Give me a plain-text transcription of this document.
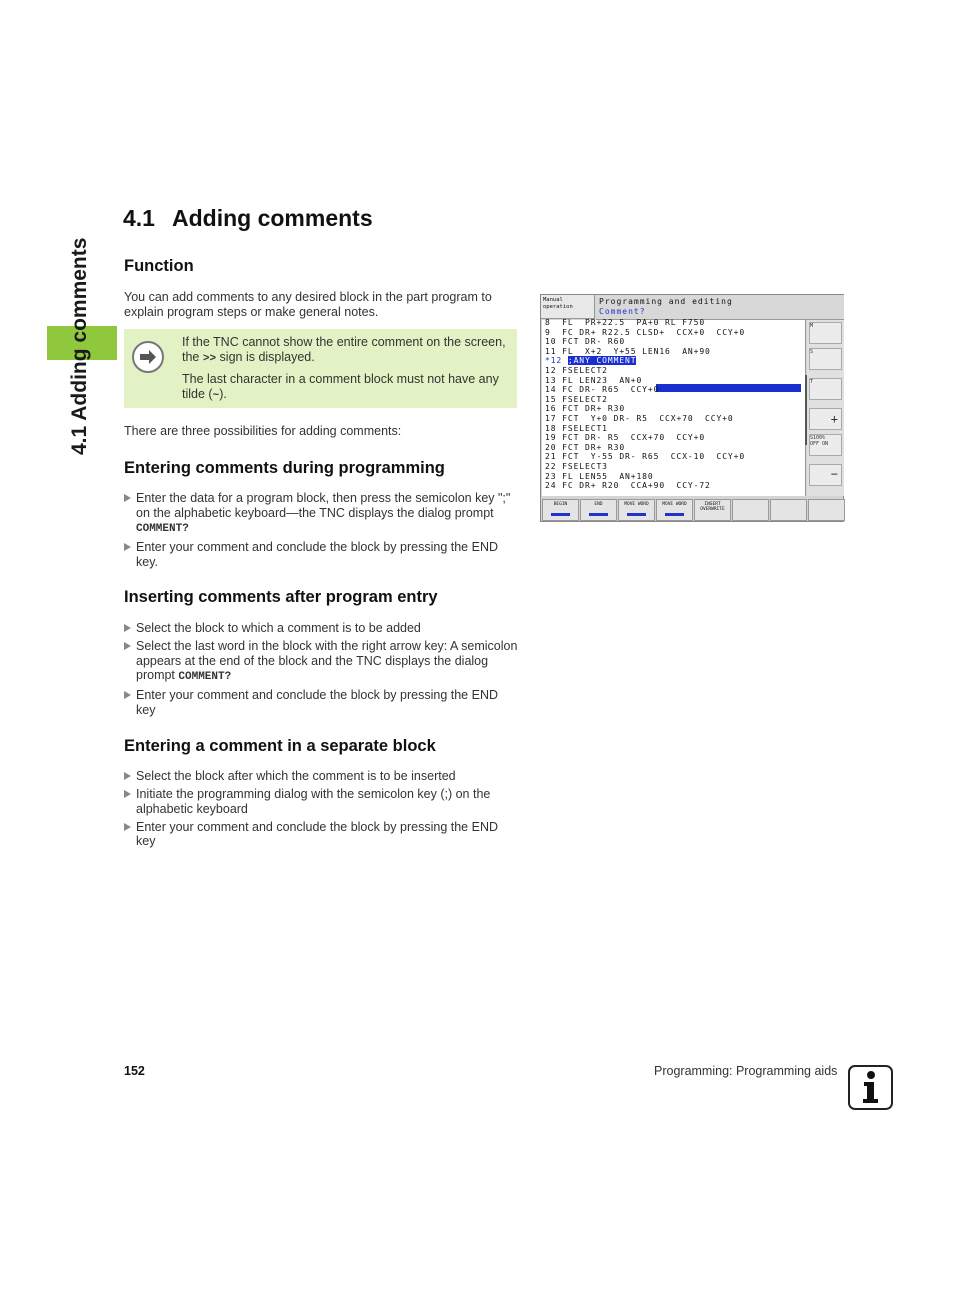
4.1 Adding comments
4.1 Adding comments
Function
You can add comments to any desired block in the part program to explain program steps or make general notes.
If the TNC cannot show the entire comment on the screen, the >> sign is displayed.
The last character in a comment block must not have any tilde (~).
There are three possibilities for adding comments:
Entering comments during programming
Enter the data for a program block, then press the semicolon key ";" on the alphabetic keyboard—the TNC displays the dialog prompt COMMENT?
Enter your comment and conclude the block by pressing the END key.
Inserting comments after program entry
Select the block to which a comment is to be added
Select the last word in the block with the right arrow key: A semicolon appears at the end of the block and the TNC displays the dialog prompt COMMENT?
Enter your comment and conclude the block by pressing the END key
Entering a comment in a separate block
Select the block after which the comment is to be inserted
Initiate the programming dialog with the semicolon key (;) on the alphabetic keyboard
Enter your comment and conclude the block by pressing the END key
Manual
operation
Programming and editing
Comment?
8  FL  PR+22.5  PA+0 RL F750
9  FC DR+ R22.5 CLSD+  CCX+0  CCY+0
10 FCT DR- R60
11 FL  X+2  Y+55 LEN16  AN+90
12 FSELECT2
13 FL LEN23  AN+0
14 FC DR- R65  CCY+0
15 FSELECT2
16 FCT DR+ R30
17 FCT  Y+0 DR- R5  CCX+70  CCY+0
18 FSELECT1
19 FCT DR- R5  CCX+70  CCY+0
20 FCT DR+ R30
21 FCT  Y-55 DR- R65  CCX-10  CCY+0
22 FSELECT3
23 FL LEN55  AN+180
24 FC DR+ R20  CCA+90  CCY-72
*12 ;ANY COMMENT
M
S
T
+
S100%
OFF ON
−
BEGIN	END	MOVE WORD	MOVE WORD	INSERT OVERWRITE
152	Programming: Programming aids
